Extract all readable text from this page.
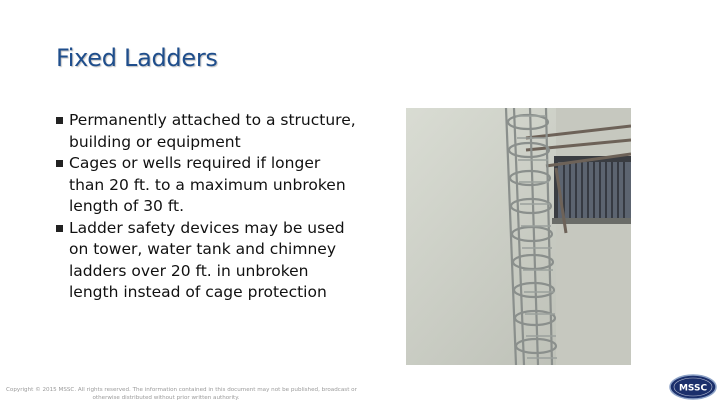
Fixed Ladders
Permanently attached to a structure, building or equipment
Cages or wells required if longer than 20 ft. to a maximum unbroken length of 30 ft.
Ladder safety devices may be used on tower, water tank and chimney ladders over 20 ft. in unbroken length instead of cage protection
Copyright © 2015 MSSC. All rights reserved. The information contained in this document may not be published, broadcast or
otherwise distributed without prior written authority.
MSSC
